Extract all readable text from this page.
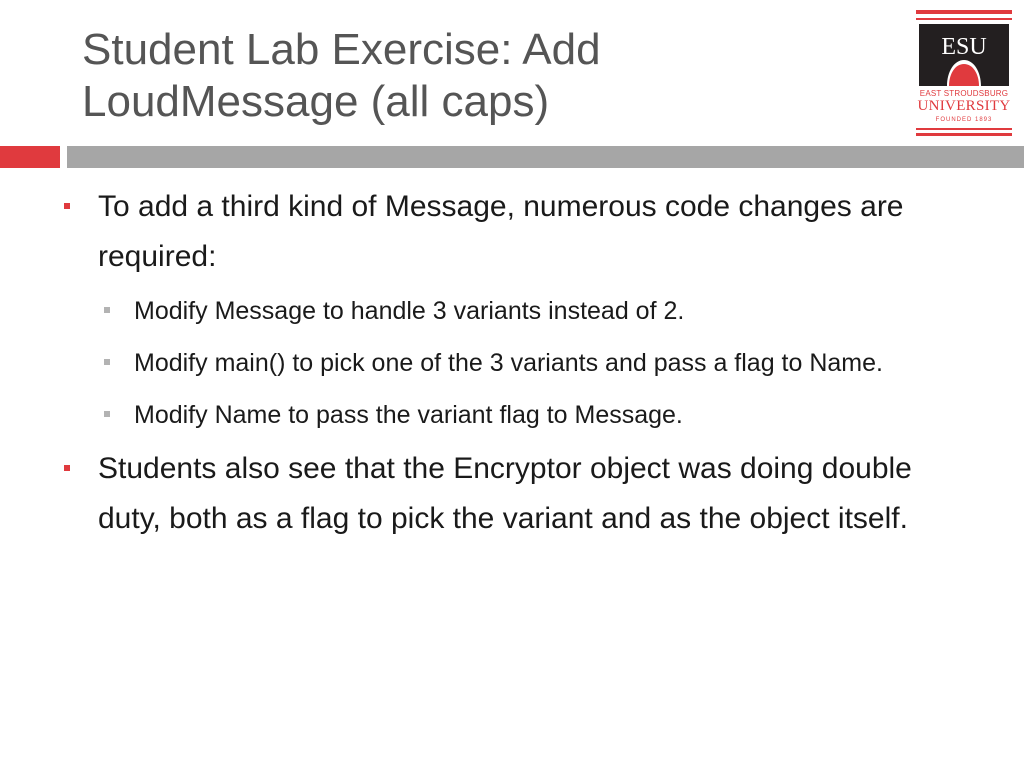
Student Lab Exercise: Add
LoudMessage (all caps)
ESU
EAST STROUDSBURG
UNIVERSITY
FOUNDED 1893
To add a third kind of Message, numerous code changes are required:
Modify Message to handle 3 variants instead of 2.
Modify main() to pick one of the 3 variants and pass a flag to Name.
Modify Name to pass the variant flag to Message.
Students also see that the Encryptor object was doing double duty, both as a flag to pick the variant and as the object itself.
